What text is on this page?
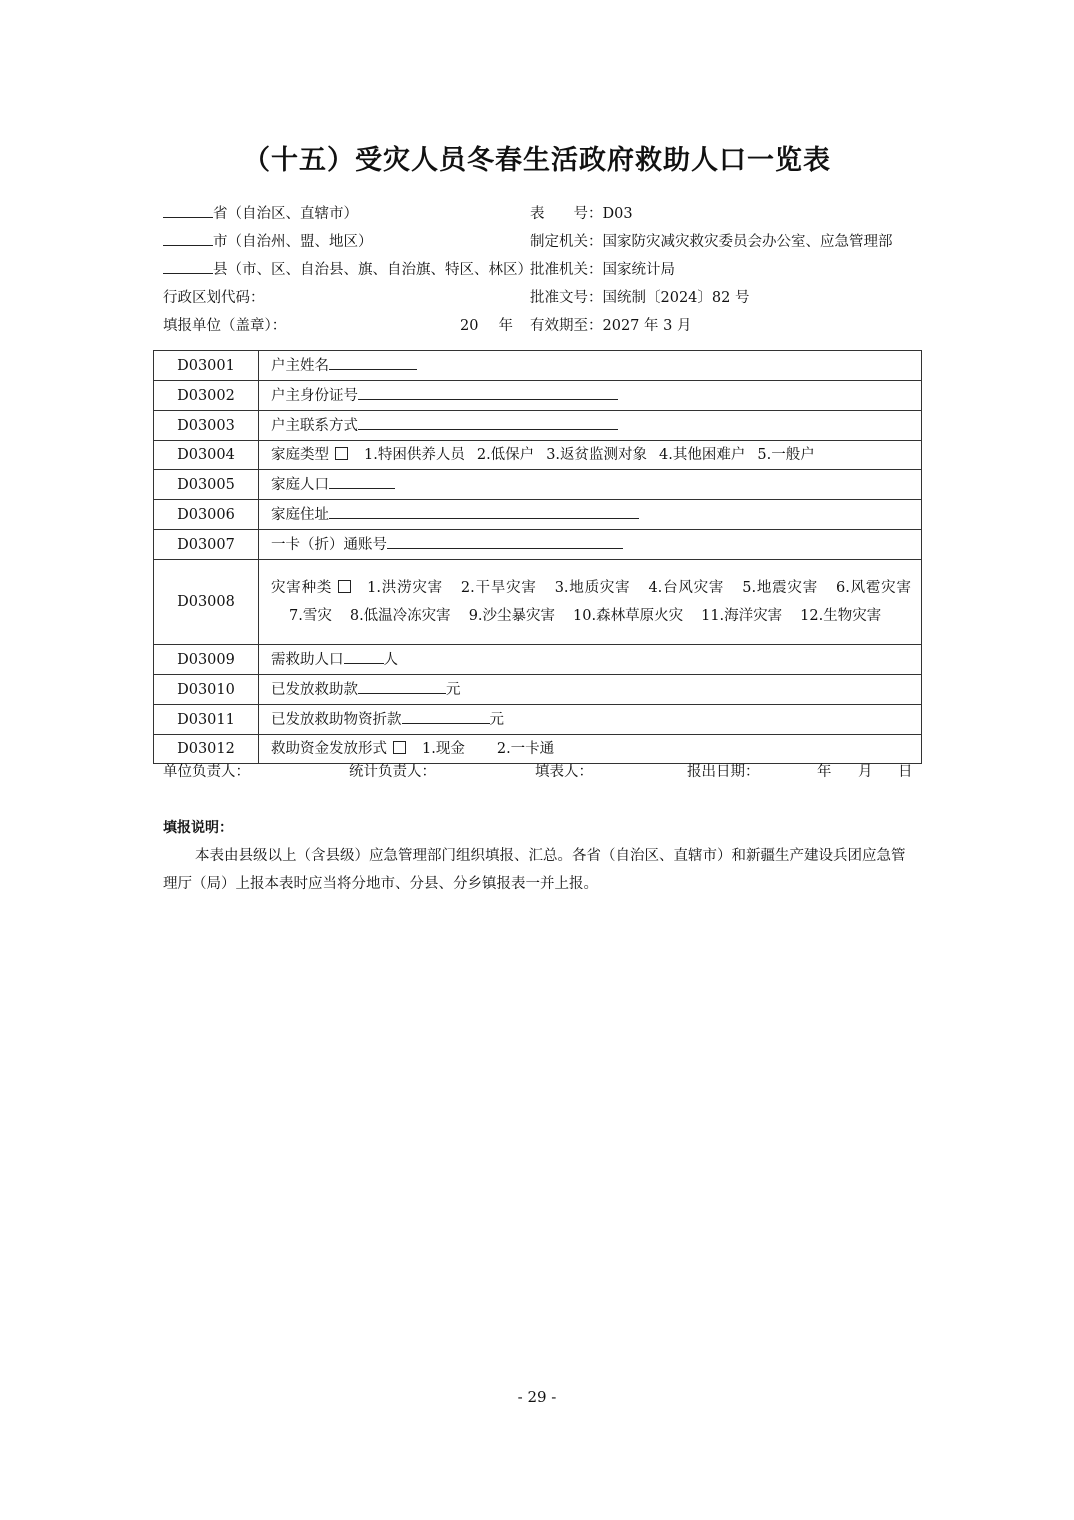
（十五）受灾人员冬春生活政府救助人口一览表
省（自治区、直辖市）	表　　号：D03
市（自治州、盟、地区）	制定机关：国家防灾减灾救灾委员会办公室、应急管理部
县（市、区、自治县、旗、自治旗、特区、林区）
批准机关：国家统计局
行政区划代码：	批准文号：国统制〔2024〕82 号
填报单位（盖章）：	20 年 有效期至：2027 年 3 月
D03001	户主姓名
D03002	户主身份证号
D03003	户主联系方式
D03004	家庭类型 1.特困供养人员 2.低保户 3.返贫监测对象 4.其他困难户 5.一般户
D03005	家庭人口
D03006	家庭住址
D03007	一卡（折）通账号
D03008	灾害种类 1.洪涝灾害 2.干旱灾害 3.地质灾害 4.台风灾害 5.地震灾害 6.风雹灾害 7.雪灾 8.低温冷冻灾害 9.沙尘暴灾害 10.森林草原火灾 11.海洋灾害 12.生物灾害
D03009	需救助人口 人
D03010	已发放救助款 元
D03011	已发放救助物资折款 元
D03012	救助资金发放形式 1.现金 2.一卡通
单位负责人：	统计负责人：	填表人：	报出日期：	年 月 日
填报说明：
本表由县级以上（含县级）应急管理部门组织填报、汇总。各省（自治区、直辖市）和新疆生产建设兵团应急管理厅（局）上报本表时应当将分地市、分县、分乡镇报表一并上报。
- 29 -
